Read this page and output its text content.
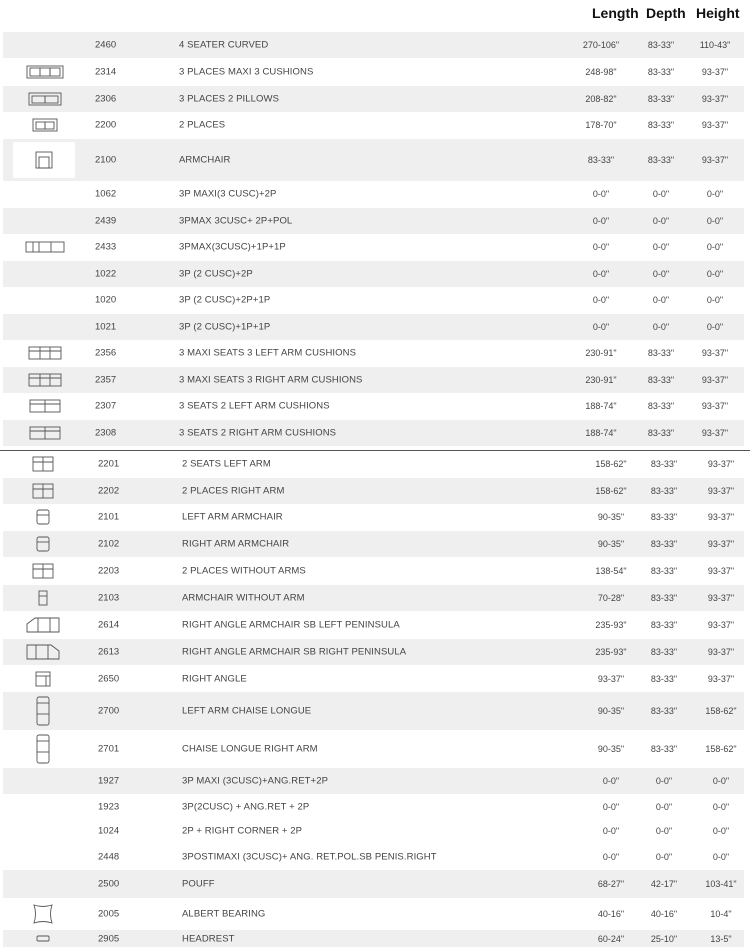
Length Depth Height
2460	4 SEATER CURVED	270-106"	83-33"	110-43"
2314	3 PLACES MAXI 3 CUSHIONS	248-98"	83-33"	93-37"
2306	3 PLACES 2 PILLOWS	208-82"	83-33"	93-37"
2200	2 PLACES	178-70"	83-33"	93-37"
2100	ARMCHAIR	83-33"	83-33"	93-37"
1062	3P MAXI(3 CUSC)+2P	0-0"	0-0"	0-0"
2439	3PMAX 3CUSC+ 2P+POL	0-0"	0-0"	0-0"
2433	3PMAX(3CUSC)+1P+1P	0-0"	0-0"	0-0"
1022	3P (2 CUSC)+2P	0-0"	0-0"	0-0"
1020	3P (2 CUSC)+2P+1P	0-0"	0-0"	0-0"
1021	3P (2 CUSC)+1P+1P	0-0"	0-0"	0-0"
2356	3 MAXI SEATS 3 LEFT ARM CUSHIONS	230-91"	83-33"	93-37"
2357	3 MAXI SEATS 3 RIGHT ARM CUSHIONS	230-91"	83-33"	93-37"
2307	3 SEATS 2 LEFT ARM CUSHIONS	188-74"	83-33"	93-37"
2308	3 SEATS 2 RIGHT ARM CUSHIONS	188-74"	83-33"	93-37"
2201	2 SEATS LEFT ARM	158-62"	83-33"	93-37"
2202	2 PLACES RIGHT ARM	158-62"	83-33"	93-37"
2101	LEFT ARM ARMCHAIR	90-35"	83-33"	93-37"
2102	RIGHT ARM ARMCHAIR	90-35"	83-33"	93-37"
2203	2 PLACES WITHOUT ARMS	138-54"	83-33"	93-37"
2103	ARMCHAIR WITHOUT ARM	70-28"	83-33"	93-37"
2614	RIGHT ANGLE ARMCHAIR SB LEFT PENINSULA	235-93"	83-33"	93-37"
2613	RIGHT ANGLE ARMCHAIR SB RIGHT PENINSULA	235-93"	83-33"	93-37"
2650	RIGHT ANGLE	93-37"	83-33"	93-37"
2700	LEFT ARM CHAISE LONGUE	90-35"	83-33"	158-62"
2701	CHAISE LONGUE RIGHT ARM	90-35"	83-33"	158-62"
1927	3P MAXI (3CUSC)+ANG.RET+2P	0-0"	0-0"	0-0"
1923	3P(2CUSC) + ANG.RET + 2P	0-0"	0-0"	0-0"
1024	2P + RIGHT CORNER + 2P	0-0"	0-0"	0-0"
2448	3POSTIMAXI (3CUSC)+ ANG. RET.POL.SB PENIS.RIGHT	0-0"	0-0"	0-0"
2500	POUFF	68-27"	42-17"	103-41"
2005	ALBERT BEARING	40-16"	40-16"	10-4"
2905	HEADREST	60-24"	25-10"	13-5"
